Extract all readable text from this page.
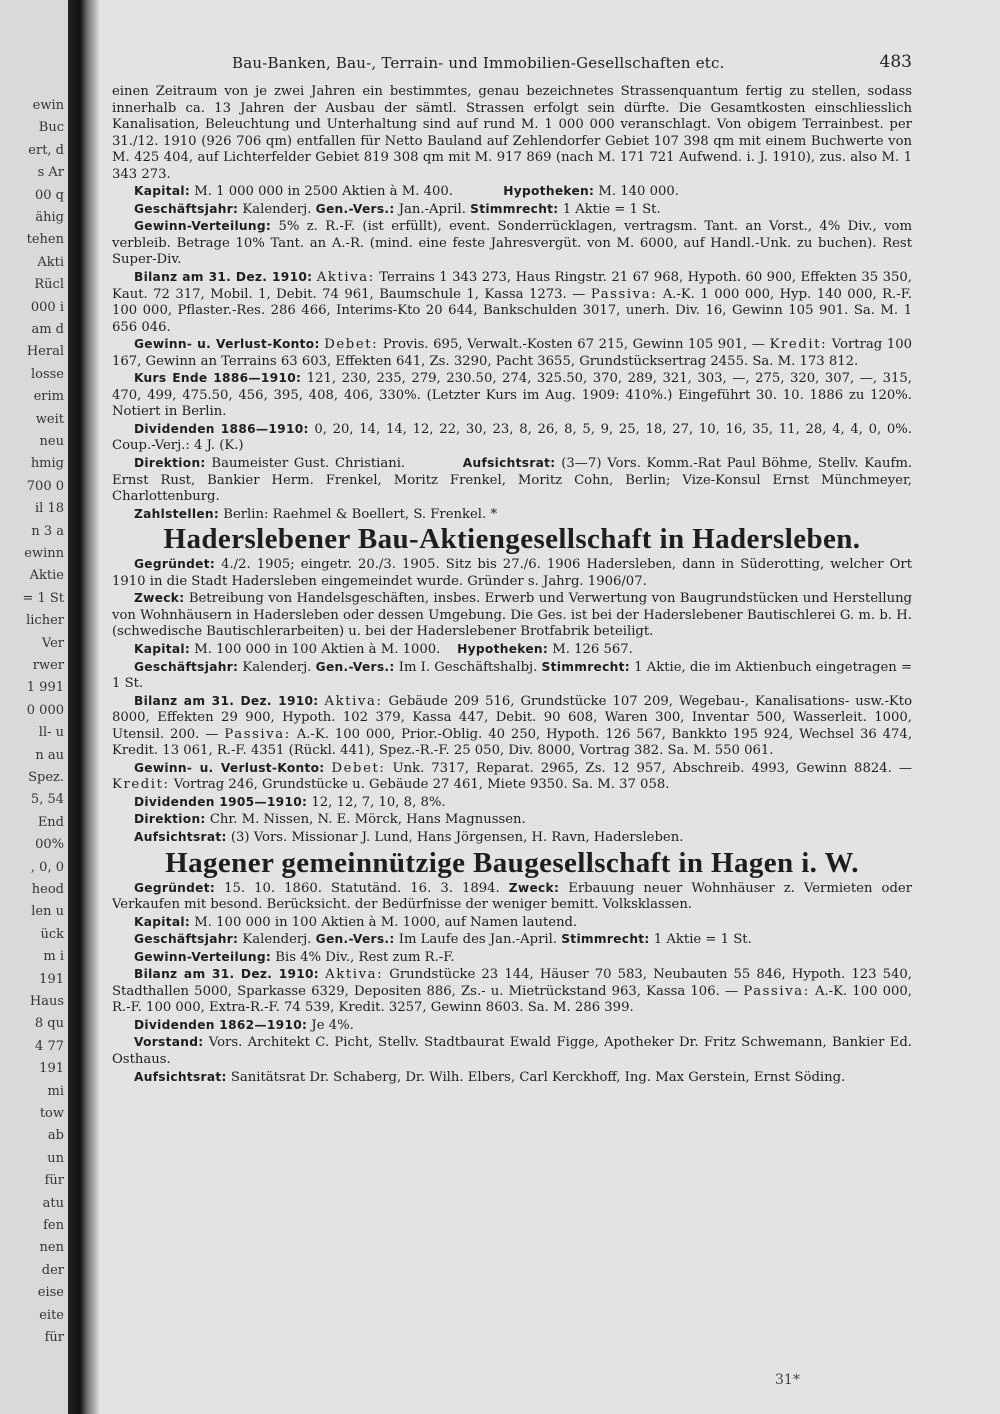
ewin
Buc
ert, d
s Ar
00 q
ähig
tehen
Akti
Rücl
000 i
am d
Heral
losse
erim
weit
neu
hmig
700 0
il 18
n 3 a
ewinn
Aktie
= 1 St
licher
Ver
rwer
1 991
0 000
ll- u
n au
Spez.
5, 54
End
00%
, 0, 0
heod
len u
ück
m i
191
Haus
8 qu
4 77
191
mi
tow
ab
un
für
atu
fen
nen
der
eise
eite
für
Bau-Banken, Bau-, Terrain- und Immobilien-Gesellschaften etc.	483

einen Zeitraum von je zwei Jahren ein bestimmtes, genau bezeichnetes Strassenquantum fertig zu stellen, sodass innerhalb ca. 13 Jahren der Ausbau der sämtl. Strassen erfolgt sein dürfte. Die Gesamtkosten einschliesslich Kanalisation, Beleuchtung und Unterhaltung sind auf rund M. 1 000 000 veranschlagt. Von obigem Terrainbest. per 31./12. 1910 (926 706 qm) entfallen für Netto Bauland auf Zehlendorfer Gebiet 107 398 qm mit einem Buchwerte von M. 425 404, auf Lichterfelder Gebiet 819 308 qm mit M. 917 869 (nach M. 171 721 Aufwend. i. J. 1910), zus. also M. 1 343 273.

Kapital: M. 1 000 000 in 2500 Aktien à M. 400.	Hypotheken: M. 140 000.

Geschäftsjahr: Kalenderj. Gen.-Vers.: Jan.-April. Stimmrecht: 1 Aktie = 1 St.

Gewinn-Verteilung: 5% z. R.-F. (ist erfüllt), event. Sonderrücklagen, vertragsm. Tant. an Vorst., 4% Div., vom verbleib. Betrage 10% Tant. an A.-R. (mind. eine feste Jahresvergüt. von M. 6000, auf Handl.-Unk. zu buchen). Rest Super-Div.

Bilanz am 31. Dez. 1910: Aktiva: Terrains 1 343 273, Haus Ringstr. 21 67 968, Hypoth. 60 900, Effekten 35 350, Kaut. 72 317, Mobil. 1, Debit. 74 961, Baumschule 1, Kassa 1273. — Passiva: A.-K. 1 000 000, Hyp. 140 000, R.-F. 100 000, Pflaster.-Res. 286 466, Interims-Kto 20 644, Bankschulden 3017, unerh. Div. 16, Gewinn 105 901. Sa. M. 1 656 046.

Gewinn- u. Verlust-Konto: Debet: Provis. 695, Verwalt.-Kosten 67 215, Gewinn 105 901, — Kredit: Vortrag 100 167, Gewinn an Terrains 63 603, Effekten 641, Zs. 3290, Pacht 3655, Grundstücksertrag 2455. Sa. M. 173 812.

Kurs Ende 1886—1910: 121, 230, 235, 279, 230.50, 274, 325.50, 370, 289, 321, 303, —, 275, 320, 307, —, 315, 470, 499, 475.50, 456, 395, 408, 406, 330%. (Letzter Kurs im Aug. 1909: 410%.) Eingeführt 30. 10. 1886 zu 120%. Notiert in Berlin.

Dividenden 1886—1910: 0, 20, 14, 14, 12, 22, 30, 23, 8, 26, 8, 5, 9, 25, 18, 27, 10, 16, 35, 11, 28, 4, 4, 0, 0%. Coup.-Verj.: 4 J. (K.)

Direktion: Baumeister Gust. Christiani.	Aufsichtsrat: (3—7) Vors. Komm.-Rat Paul Böhme, Stellv. Kaufm. Ernst Rust, Bankier Herm. Frenkel, Moritz Frenkel, Moritz Cohn, Berlin; Vize-Konsul Ernst Münchmeyer, Charlottenburg.

Zahlstellen: Berlin: Raehmel & Boellert, S. Frenkel. *

Haderslebener Bau-Aktiengesellschaft in Hadersleben.

Gegründet: 4./2. 1905; eingetr. 20./3. 1905. Sitz bis 27./6. 1906 Hadersleben, dann in Süderotting, welcher Ort 1910 in die Stadt Hadersleben eingemeindet wurde. Gründer s. Jahrg. 1906/07.

Zweck: Betreibung von Handelsgeschäften, insbes. Erwerb und Verwertung von Baugrundstücken und Herstellung von Wohnhäusern in Hadersleben oder dessen Umgebung. Die Ges. ist bei der Haderslebener Bautischlerei G. m. b. H. (schwedische Bautischlerarbeiten) u. bei der Haderslebener Brotfabrik beteiligt.

Kapital: M. 100 000 in 100 Aktien à M. 1000. Hypotheken: M. 126 567.

Geschäftsjahr: Kalenderj. Gen.-Vers.: Im I. Geschäftshalbj. Stimmrecht: 1 Aktie, die im Aktienbuch eingetragen = 1 St.

Bilanz am 31. Dez. 1910: Aktiva: Gebäude 209 516, Grundstücke 107 209, Wegebau-, Kanalisations- usw.-Kto 8000, Effekten 29 900, Hypoth. 102 379, Kassa 447, Debit. 90 608, Waren 300, Inventar 500, Wasserleit. 1000, Utensil. 200. — Passiva: A.-K. 100 000, Prior.-Oblig. 40 250, Hypoth. 126 567, Bankkto 195 924, Wechsel 36 474, Kredit. 13 061, R.-F. 4351 (Rückl. 441), Spez.-R.-F. 25 050, Div. 8000, Vortrag 382. Sa. M. 550 061.

Gewinn- u. Verlust-Konto: Debet: Unk. 7317, Reparat. 2965, Zs. 12 957, Abschreib. 4993, Gewinn 8824. — Kredit: Vortrag 246, Grundstücke u. Gebäude 27 461, Miete 9350. Sa. M. 37 058.

Dividenden 1905—1910: 12, 12, 7, 10, 8, 8%.

Direktion: Chr. M. Nissen, N. E. Mörck, Hans Magnussen.

Aufsichtsrat: (3) Vors. Missionar J. Lund, Hans Jörgensen, H. Ravn, Hadersleben.

Hagener gemeinnützige Baugesellschaft in Hagen i. W.

Gegründet: 15. 10. 1860. Statutänd. 16. 3. 1894. Zweck: Erbauung neuer Wohnhäuser z. Vermieten oder Verkaufen mit besond. Berücksicht. der Bedürfnisse der weniger bemitt. Volksklassen.

Kapital: M. 100 000 in 100 Aktien à M. 1000, auf Namen lautend.

Geschäftsjahr: Kalenderj. Gen.-Vers.: Im Laufe des Jan.-April. Stimmrecht: 1 Aktie = 1 St.

Gewinn-Verteilung: Bis 4% Div., Rest zum R.-F.

Bilanz am 31. Dez. 1910: Aktiva: Grundstücke 23 144, Häuser 70 583, Neubauten 55 846, Hypoth. 123 540, Stadthallen 5000, Sparkasse 6329, Depositen 886, Zs.- u. Mietrückstand 963, Kassa 106. — Passiva: A.-K. 100 000, R.-F. 100 000, Extra-R.-F. 74 539, Kredit. 3257, Gewinn 8603. Sa. M. 286 399.

Dividenden 1862—1910: Je 4%.

Vorstand: Vors. Architekt C. Picht, Stellv. Stadtbaurat Ewald Figge, Apotheker Dr. Fritz Schwemann, Bankier Ed. Osthaus.

Aufsichtsrat: Sanitätsrat Dr. Schaberg, Dr. Wilh. Elbers, Carl Kerckhoff, Ing. Max Gerstein, Ernst Söding.

31*
